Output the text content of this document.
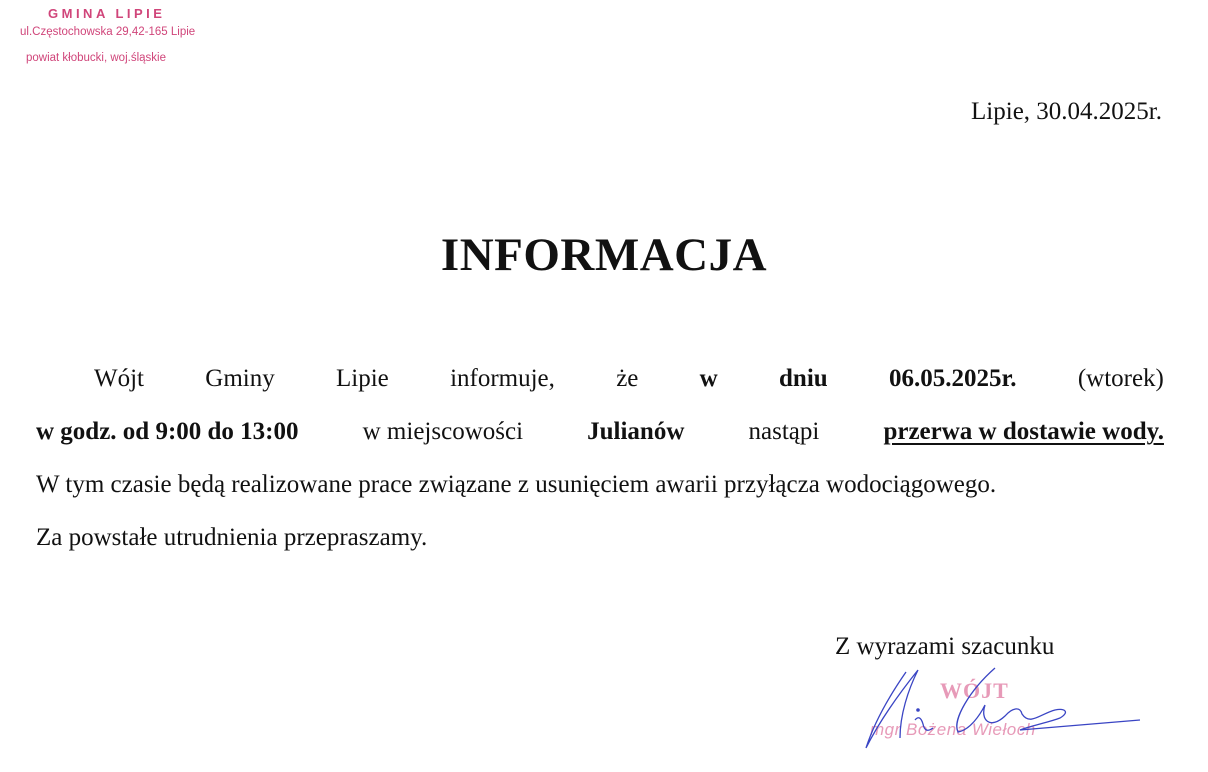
GMINA LIPIE
ul.Częstochowska 29,42-165 Lipie
powiat kłobucki, woj.śląskie
Lipie, 30.04.2025r.
INFORMACJA
Wójt Gminy Lipie informuje, że w dniu 06.05.2025r. (wtorek)
w godz. od 9:00 do 13:00	w miejscowości	Julianów	nastąpi	przerwa w dostawie wody.
W tym czasie będą realizowane prace związane z usunięciem awarii przyłącza wodociągowego.
Za powstałe utrudnienia przepraszamy.
Z wyrazami szacunku
WÓJT
mgr Bożena Wiełoch
